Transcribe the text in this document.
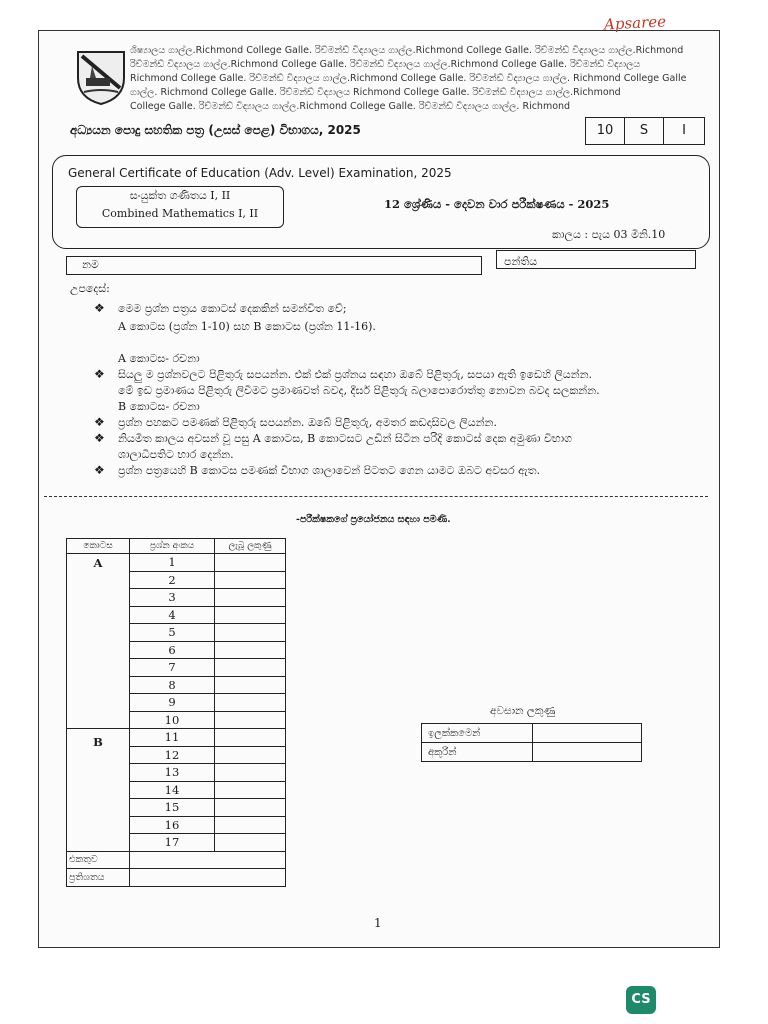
Apsaree
ශිෂ්‍යාලය ගාල්ල.Richmond College Galle. රිච්මන්ඩ් විද්‍යාලය ගාල්ල.Richmond College Galle. රිච්මන්ඩ් විද්‍යාලය ගාල්ල.Richmond
රිච්මන්ඩ් විද්‍යාලය ගාල්ල.Richmond College Galle. රිච්මන්ඩ් විද්‍යාලය ගාල්ල.Richmond College Galle. රිච්මන්ඩ් විද්‍යාලය
Richmond College Galle. රිච්මන්ඩ් විද්‍යාලය ගාල්ල.Richmond College Galle. රිච්මන්ඩ් විද්‍යාලය ගාල්ල. Richmond College Galle
ගාල්ල. Richmond College Galle. රිච්මන්ඩ් විද්‍යාලය Richmond College Galle. රිච්මන්ඩ් විද්‍යාලය ගාල්ල.Richmond
College Galle. රිච්මන්ඩ් විද්‍යාලය ගාල්ල.Richmond College Galle. රිච්මන්ඩ් විද්‍යාලය ගාල්ල. Richmond
අධ්‍යයන පොදු සහතික පත්‍ර (උසස් පෙළ) විභාගය, 2025	10	S	I
General Certificate of Education (Adv. Level) Examination, 2025
සංයුක්ත ගණිතය I, II
Combined Mathematics I, II
12 ශ්‍රේණිය - දෙවන වාර පරීක්ෂණය - 2025
කාලය : පැය 03 මිනි.10
නම	පන්තිය
උපදෙස්:
❖ මෙම ප්‍රශ්න පත්‍රය කොටස් දෙකකින් සමන්විත වේ;
A කොටස (ප්‍රශ්න 1-10) සහ B කොටස (ප්‍රශ්න 11-16).
A කොටස- රචනා
❖ සියලු ම ප්‍රශ්නවලට පිළිතුරු සපයන්න. එක් එක් ප්‍රශ්නය සඳහා ඔබේ පිළිතුරු, සපයා ඇති ඉඩෙහි ලියන්න.
මේ ඉඩ ප්‍රමාණය පිළිතුරු ලිවීමට ප්‍රමාණවත් බවද, දීර්ඝ පිළිතුරු බලාපොරොත්තු නොවන බවද සලකන්න.
B කොටස- රචනා
❖ ප්‍රශ්න පහකට පමණක් පිළිතුරු සපයන්න. ඔබේ පිළිතුරු, අමතර කඩදාසිවල ලියන්න.
❖ නියමිත කාලය අවසන් වූ පසු A කොටස, B කොටසට උඩින් සිටින පරිදි කොටස් දෙක අමුණා විභාග
ශාලාධිපතිට භාර දෙන්න.
❖ ප්‍රශ්න පත්‍රයෙහි B කොටස පමණක් විභාග ශාලාවෙන් පිටතට ගෙන යාමට ඔබට අවසර ඇත.
-පරීක්ෂකගේ ප්‍රයෝජනය සඳහා පමණි.
කොටස	ප්‍රශ්න අංකය	ලැබූ ලකුණු
A	1	
	2	
	3	
	4	
	5	
	6	
	7	
	8	
	9	
	10	
B	11	
	12	
	13	
	14	
	15	
	16	
	17	
එකතුව		
ප්‍රතිශතය		
අවසාන ලකුණු
ඉලක්කමෙන්	
අකුරින්	
1
CS
